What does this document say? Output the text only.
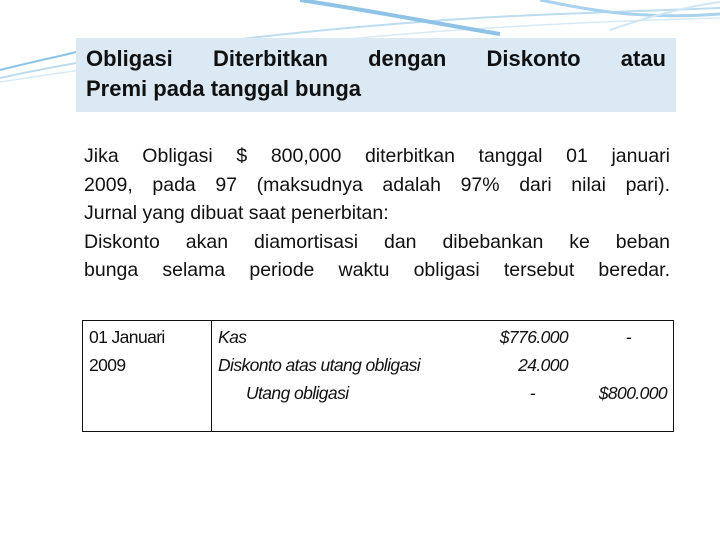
Obligasi Diterbitkan dengan Diskonto atau
Premi pada tanggal bunga
Jika Obligasi $ 800,000 diterbitkan tanggal 01 januari
2009, pada 97 (maksudnya adalah 97% dari nilai pari).
Jurnal yang dibuat saat penerbitan:
Diskonto akan diamortisasi dan dibebankan ke beban
bunga selama periode waktu obligasi tersebut beredar.
01 Januari
2009
Kas	$776.000	-
Diskonto atas utang obligasi	24.000
Utang obligasi	-	$800.000
